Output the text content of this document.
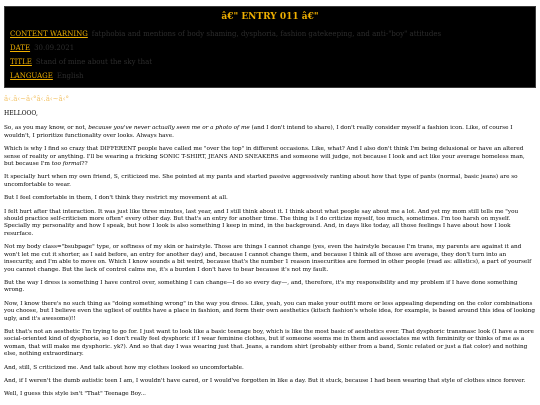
â€" ENTRY 011 â€"
CONTENT WARNING fatphobia and mentions of body shaming, dysphoria, fashion gatekeeping, and anti-"boy" attitudes
DATE 30.09.2021
TITLE Stand of mine about the sky that
LANGUAGE English
â‹.â‹~â‹°â‹.â‹~â‹°

HELLOOO,

So, as you may know, or not, because you've never actually seen me or a photo of me (and I don't intend to share), I don't really consider myself a fashion icon. Like, of course I wouldn't, I prioritize functionality over looks. Always have.

Which is why I find so crazy that DIFFERENT people have called me "over the top" in different occasions. Like, what? And I also don't think I'm being delusional or have an altered sense of reality or anything. I'll be wearing a fricking SONIC T-SHIRT, JEANS AND SNEAKERS and someone will judge, not because I look and act like your average homeless man, but because I'm too formal??

It specially hurt when my own friend, S, criticized me. She pointed at my pants and started passive aggressively ranting about how that type of pants (normal, basic jeans) are so uncomfortable to wear.

But I feel comfortable in them, I don't think they restrict my movement at all.

I felt hurt after that interaction. It was just like three minutes, last year, and I still think about it. I think about what people say about me a lot. And yet my mom still tells me "you should practice self-criticism more often" every other day. But that's an entry for another time. The thing is I do criticize myself, too much, sometimes. I'm too harsh on myself. Specially my personality and how I speak, but how I look is also something I keep in mind, in the background. And, in days like today, all those feelings I have about how I look resurface.

Not my body class="bsubpage" type, or softness of my skin or hairstyle. Those are things I cannot change (yes, even the hairstyle because I'm trans, my parents are against it and won't let me cut it shorter, as I said before, an entry for another day) and, because I cannot change them, and because I think all of those are average, they don't turn into an insecurity, and I'm able to move on. Which I know sounds a bit weird, because that's the number 1 reason insecurities are formed in other people (read as: allistics), a part of yourself you cannot change. But the lack of control calms me, it's a burden I don't have to bear because it's not my fault.

But the way I dress is something I have control over, something I can change—I do so every day—, and, therefore, it's my responsibility and my problem if I have done something wrong.

Now, I know there's no such thing as "doing something wrong" in the way you dress. Like, yeah, you can make your outfit more or less appealing depending on the color combinations you choose, but I believe even the ugliest of outfits have a place in fashion, and form their own aesthetics (kitsch fashion's whole idea, for example, is based around this idea of looking ugly, and it's awesome)!!

But that's not an aesthetic I'm trying to go for. I just want to look like a basic teenage boy, which is like the most basic of aesthetics ever. That dysphoric transmasc look (I have a more social-oriented kind of dysphoria, so I don't really feel dysphoric if I wear feminine clothes, but if someone seems me in them and associates me with femininity or thinks of me as a woman, that will make me dysphoric. yk?). And so that day I was wearing just that. Jeans, a random shirt (probably either from a band, Sonic related or just a flat color) and nothing else, nothing extraordinary.

And, still, S criticized me. And talk about how my clothes looked so uncomfortable.

And, if I weren't the dumb autistic teen I am, I wouldn't have cared, or I would've forgotten in like a day. But it stuck, because I had been wearing that style of clothes since forever.

Well, I guess this style isn't "That" Teenage Boy...
